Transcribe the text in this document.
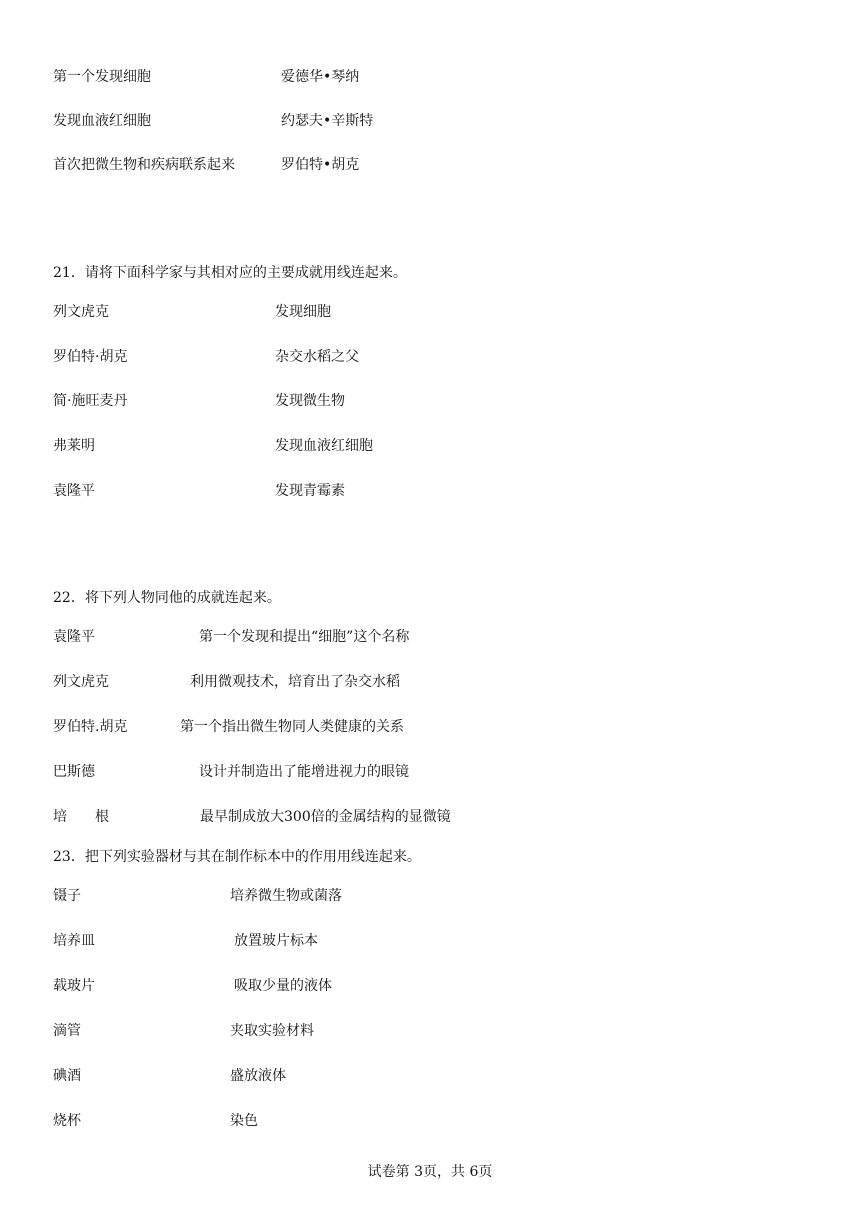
第一个发现细胞	爱德华•琴纳
发现血液红细胞	约瑟夫•辛斯特
首次把微生物和疾病联系起来	罗伯特•胡克
21．请将下面科学家与其相对应的主要成就用线连起来。
列文虎克	发现细胞
罗伯特·胡克	杂交水稻之父
简·施旺麦丹	发现微生物
弗莱明	发现血液红细胞
袁隆平	发现青霉素
22．将下列人物同他的成就连起来。
袁隆平	第一个发现和提出“细胞”这个名称
列文虎克	利用微观技术，培育出了杂交水稻
罗伯特.胡克	第一个指出微生物同人类健康的关系
巴斯德	设计并制造出了能增进视力的眼镜
培　　根	最早制成放大300倍的金属结构的显微镜
23．把下列实验器材与其在制作标本中的作用用线连起来。
镊子	培养微生物或菌落
培养皿	放置玻片标本
载玻片	吸取少量的液体
滴管	夹取实验材料
碘酒	盛放液体
烧杯	染色
试卷第 3页，共 6页
